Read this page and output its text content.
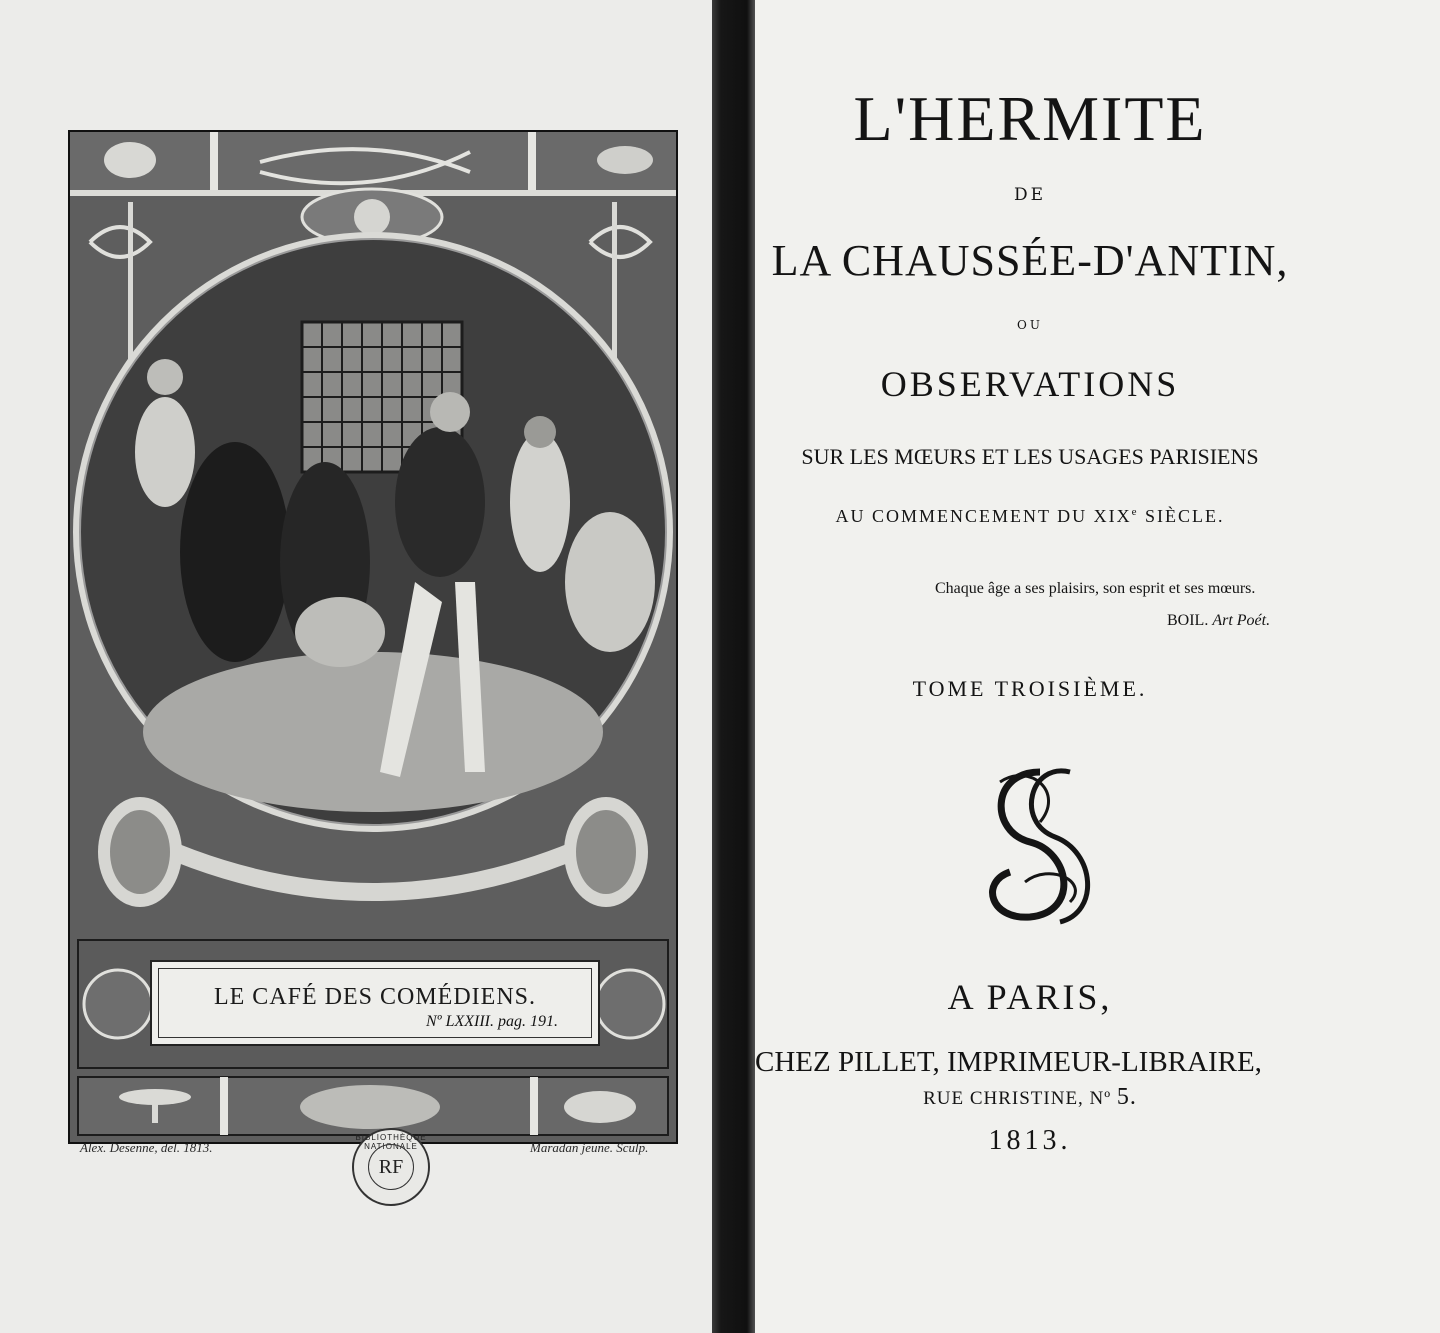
LE CAFÉ DES COMÉDIENS.
Nº LXXIII. pag. 191.
Alex. Desenne, del. 1813.	Maradan jeune. Sculp.
BIBLIOTHÈQUE NATIONALE
RF
L'HERMITE
DE
LA CHAUSSÉE-D'ANTIN,
OU
OBSERVATIONS
SUR LES MŒURS ET LES USAGES PARISIENS
AU COMMENCEMENT DU XIXe SIÈCLE.
Chaque âge a ses plaisirs, son esprit et ses mœurs.
BOIL. Art Poét.
TOME TROISIÈME.
A PARIS,
CHEZ PILLET, IMPRIMEUR-LIBRAIRE,
RUE CHRISTINE, Nº 5.
1813.
